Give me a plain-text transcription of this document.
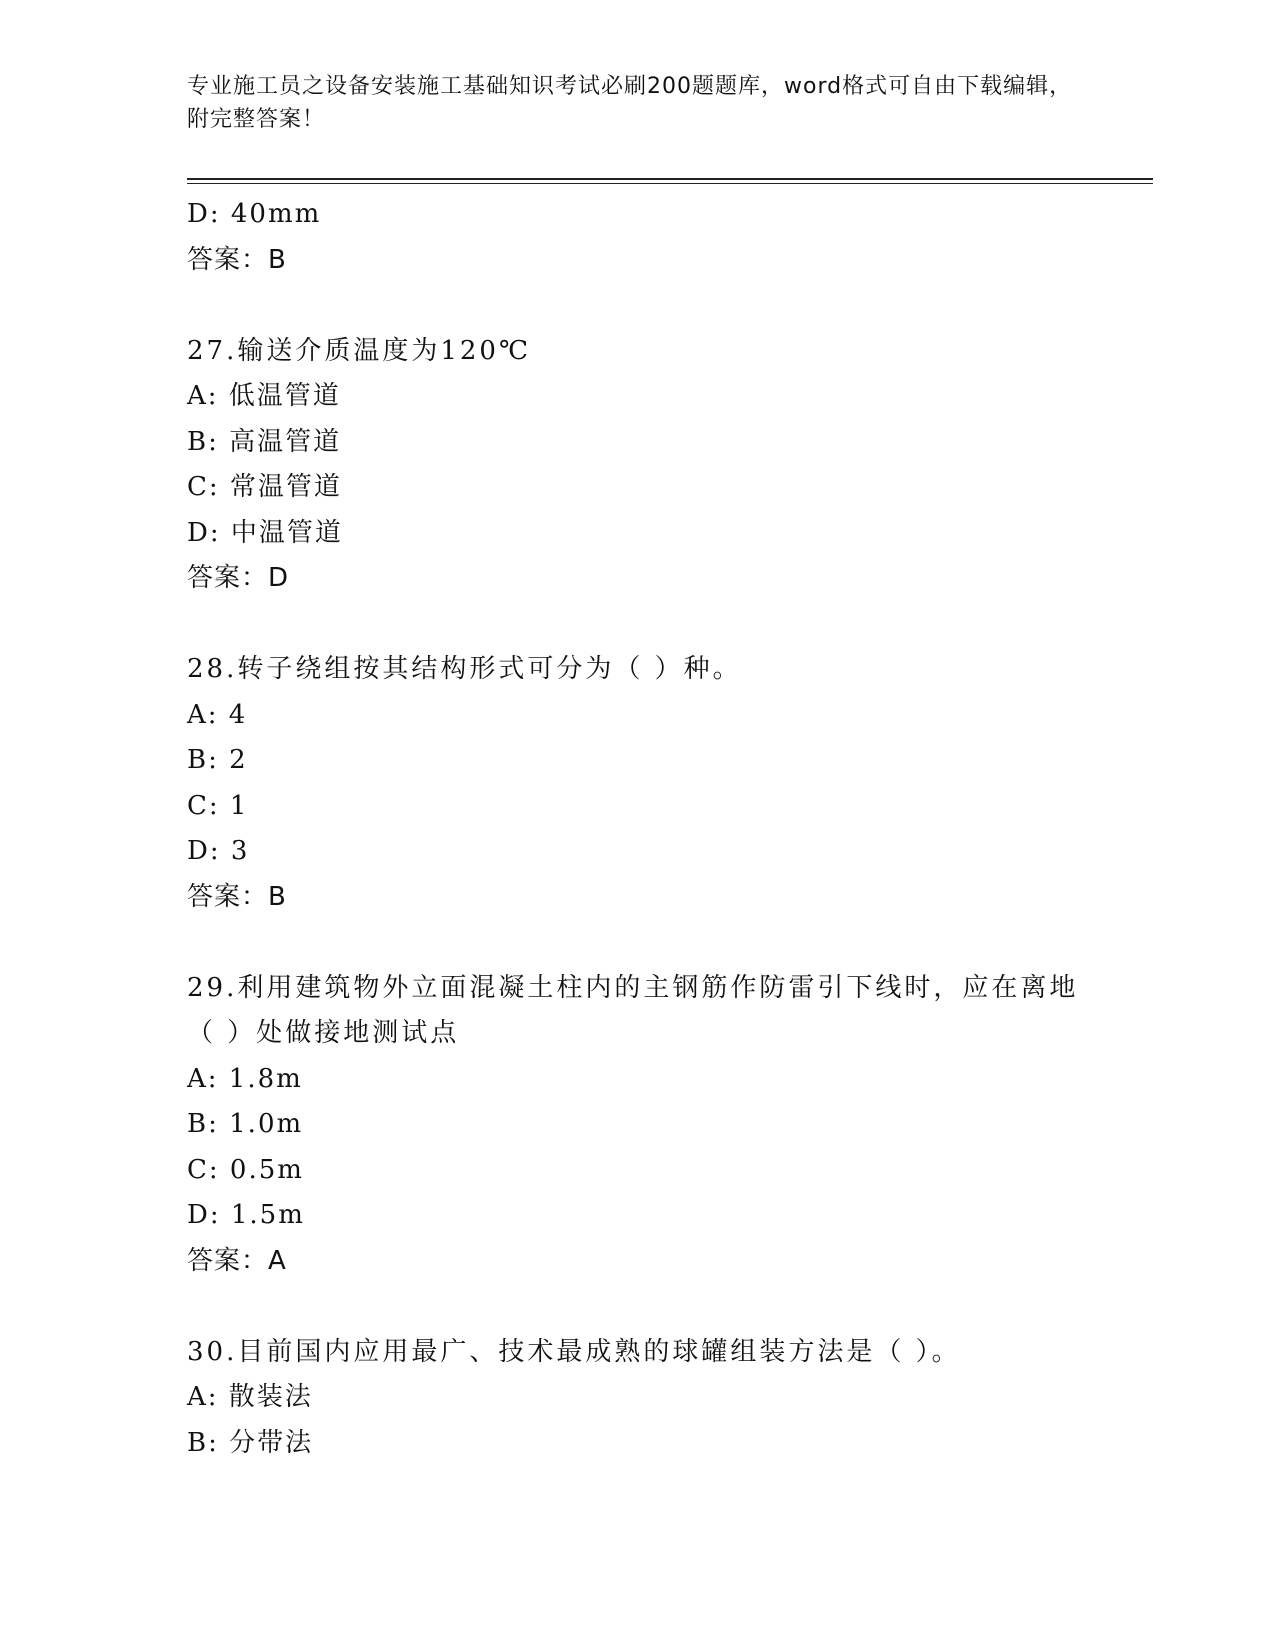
专业施工员之设备安装施工基础知识考试必刷200题题库，word格式可自由下载编辑，附完整答案！
D: 40mm
答案：B
27.输送介质温度为120℃
A: 低温管道
B: 高温管道
C: 常温管道
D: 中温管道
答案：D
28.转子绕组按其结构形式可分为（ ）种。
A: 4
B: 2
C: 1
D: 3
答案：B
29.利用建筑物外立面混凝土柱内的主钢筋作防雷引下线时，应在离地（ ）处做接地测试点
A: 1.8m
B: 1.0m
C: 0.5m
D: 1.5m
答案：A
30.目前国内应用最广、技术最成熟的球罐组装方法是（ ）。
A: 散装法
B: 分带法
